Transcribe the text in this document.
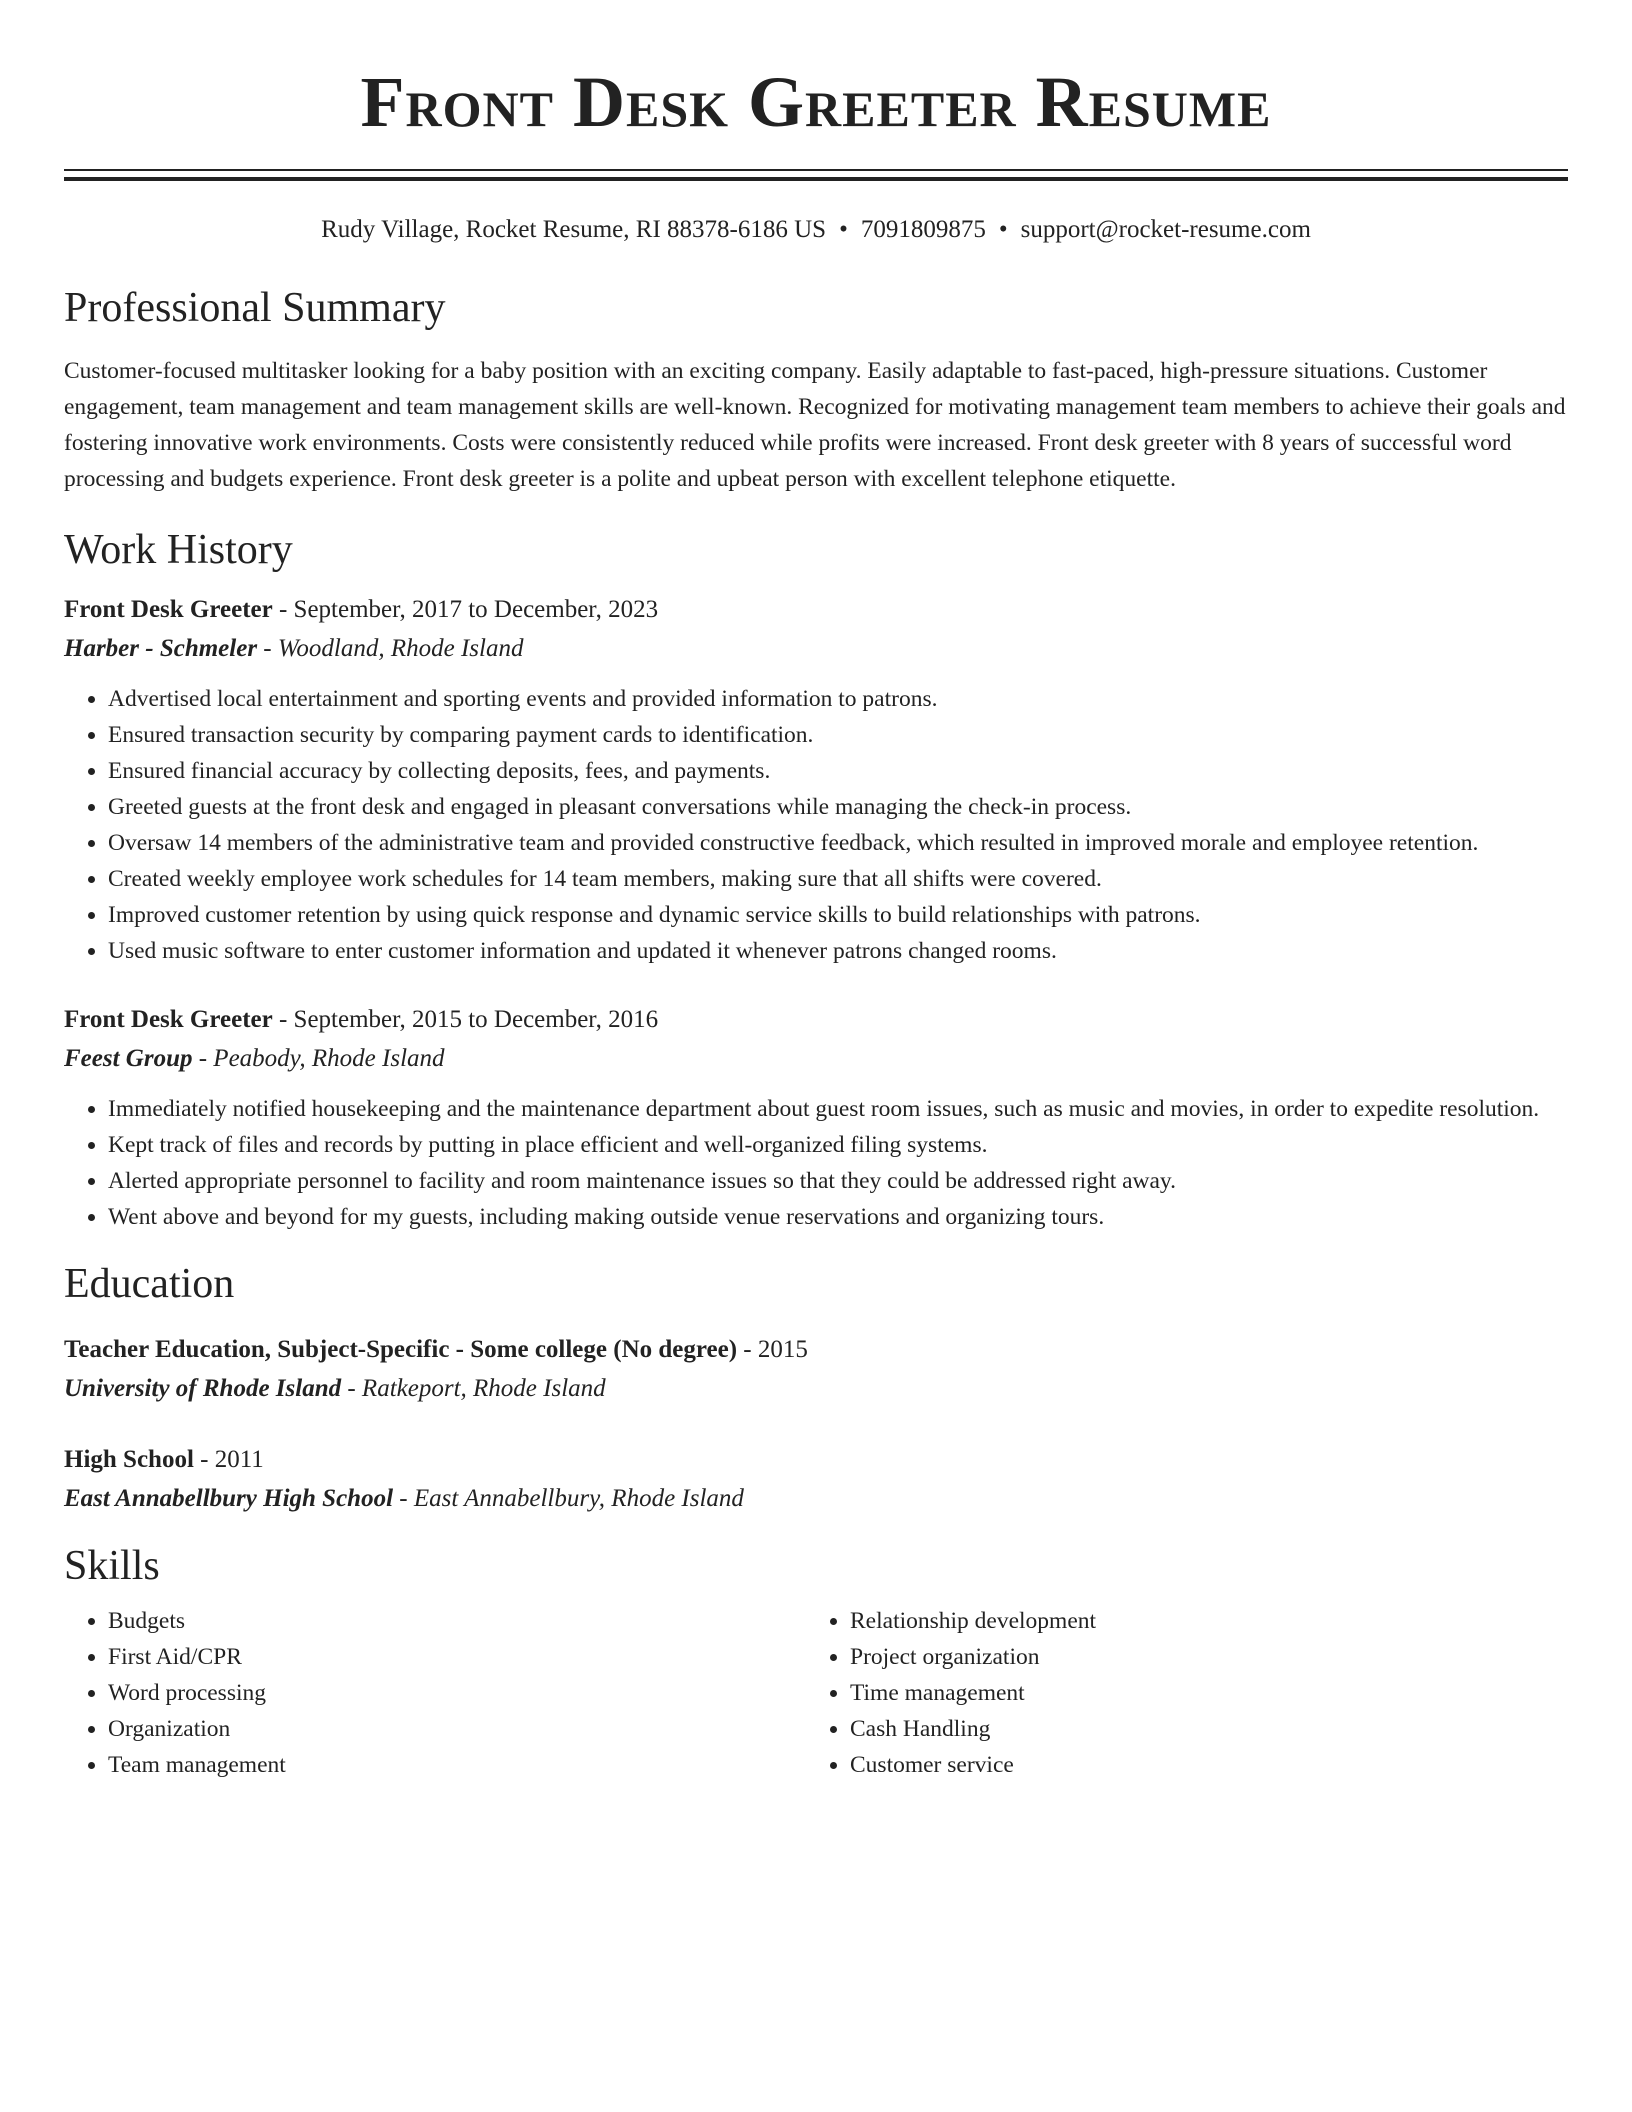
Front Desk Greeter Resume
Rudy Village, Rocket Resume, RI 88378-6186 US • 7091809875 • support@rocket-resume.com
Professional Summary

Customer-focused multitasker looking for a baby position with an exciting company. Easily adaptable to fast-paced, high-pressure situations. Customer engagement, team management and team management skills are well-known. Recognized for motivating management team members to achieve their goals and fostering innovative work environments. Costs were consistently reduced while profits were increased. Front desk greeter with 8 years of successful word processing and budgets experience. Front desk greeter is a polite and upbeat person with excellent telephone etiquette.

Work History
Front Desk Greeter - September, 2017 to December, 2023
Harber - Schmeler - Woodland, Rhode Island
• Advertised local entertainment and sporting events and provided information to patrons.
• Ensured transaction security by comparing payment cards to identification.
• Ensured financial accuracy by collecting deposits, fees, and payments.
• Greeted guests at the front desk and engaged in pleasant conversations while managing the check-in process.
• Oversaw 14 members of the administrative team and provided constructive feedback, which resulted in improved morale and employee retention.
• Created weekly employee work schedules for 14 team members, making sure that all shifts were covered.
• Improved customer retention by using quick response and dynamic service skills to build relationships with patrons.
• Used music software to enter customer information and updated it whenever patrons changed rooms.
Front Desk Greeter - September, 2015 to December, 2016
Feest Group - Peabody, Rhode Island
• Immediately notified housekeeping and the maintenance department about guest room issues, such as music and movies, in order to expedite resolution.
• Kept track of files and records by putting in place efficient and well-organized filing systems.
• Alerted appropriate personnel to facility and room maintenance issues so that they could be addressed right away.
• Went above and beyond for my guests, including making outside venue reservations and organizing tours.
Education
Teacher Education, Subject-Specific - Some college (No degree) - 2015
University of Rhode Island - Ratkeport, Rhode Island
High School - 2011
East Annabellbury High School - East Annabellbury, Rhode Island
Skills
• Budgets
• First Aid/CPR
• Word processing
• Organization
• Team management
• Relationship development
• Project organization
• Time management
• Cash Handling
• Customer service
